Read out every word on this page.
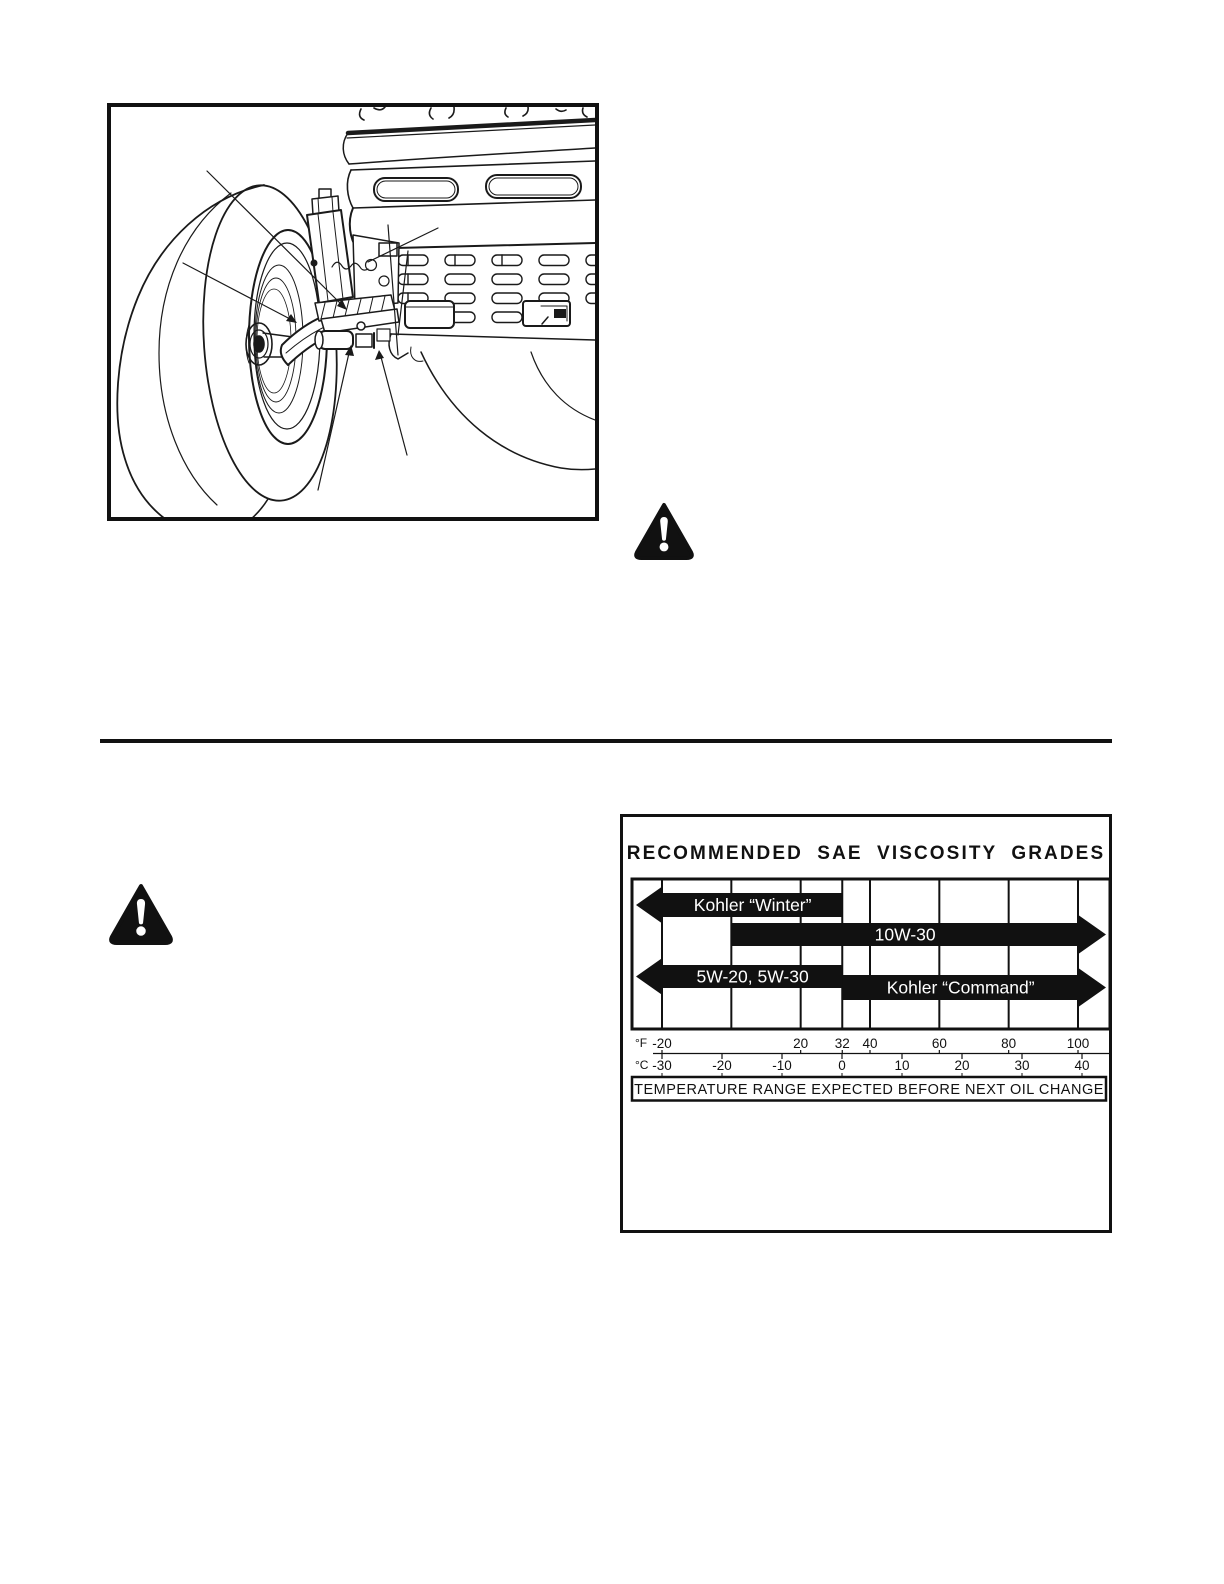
RECOMMENDED SAE VISCOSITY GRADES
Kohler “Winter”
10W-30
5W-20, 5W-30
Kohler “Command”
°F -20	20 32 40	60	80	100
°C -30	-20	-10	0	10	20	30	40
TEMPERATURE RANGE EXPECTED BEFORE NEXT OIL CHANGE
